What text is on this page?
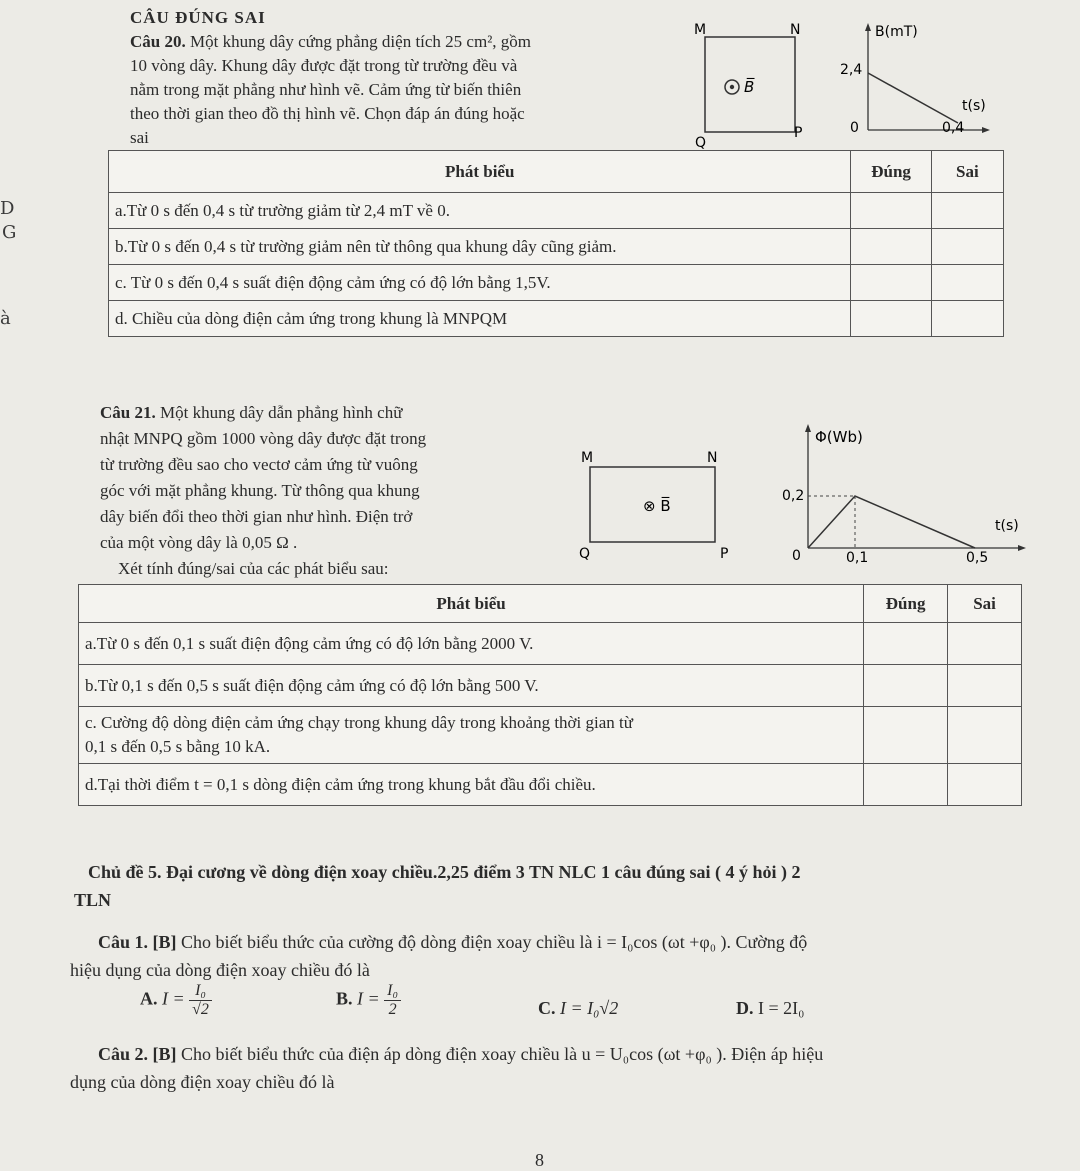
CÂU ĐÚNG SAI
D
G
à
Câu 20. Một khung dây cứng phẳng diện tích 25 cm², gồm
10 vòng dây. Khung dây được đặt trong từ trường đều và
nằm trong mặt phẳng như hình vẽ. Cảm ứng từ biến thiên
theo thời gian theo đồ thị hình vẽ. Chọn đáp án đúng hoặc
sai
M	N
P
Q
B̅
B(mT)
2,4
t(s)
0	0,4
Phát biểu	Đúng	Sai
a.Từ 0 s đến 0,4 s từ trường giảm từ 2,4 mT về 0.		
b.Từ 0 s đến 0,4 s từ trường giảm nên từ thông qua khung dây cũng giảm.		
c. Từ 0 s đến 0,4 s suất điện động cảm ứng có độ lớn bằng 1,5V.		
d. Chiều của dòng điện cảm ứng trong khung là MNPQM		
Câu 21. Một khung dây dẫn phẳng hình chữ
nhật MNPQ gồm 1000 vòng dây được đặt trong
từ trường đều sao cho vectơ cảm ứng từ vuông
góc với mặt phẳng khung. Từ thông qua khung
dây biến đổi theo thời gian như hình. Điện trở
của một vòng dây là 0,05 Ω .
Xét tính đúng/sai của các phát biểu sau:
M	N
P
Q
⊗ B̅
Φ(Wb)
0,2
t(s)
0	0,1	0,5
Phát biểu	Đúng	Sai
a.Từ 0 s đến 0,1 s suất điện động cảm ứng có độ lớn bằng 2000 V.		
b.Từ 0,1 s đến 0,5 s suất điện động cảm ứng có độ lớn bằng 500 V.		

c. Cường độ dòng điện cảm ứng chạy trong khung dây trong khoảng thời gian từ
0,1 s đến 0,5 s bằng 10 kA.		

d.Tại thời điểm t = 0,1 s dòng điện cảm ứng trong khung bắt đầu đổi chiều.		
Chủ đề 5. Đại cương về dòng điện xoay chiều.2,25 điểm 3 TN NLC 1 câu đúng sai ( 4 ý hỏi ) 2
TLN
Câu 1. [B] Cho biết biểu thức của cường độ dòng điện xoay chiều là i = I₀cos (ωt +φ₀ ). Cường độ
hiệu dụng của dòng điện xoay chiều đó là
A. $I = \frac{\text{I₀}}{√2}$	B. $I = \frac{\text{I₀}}{2}$	C. I = I₀√2	D. I = 2I₀
Câu 2. [B] Cho biết biểu thức của điện áp dòng điện xoay chiều là u = U₀cos (ωt +φ₀ ). Điện áp hiệu
dụng của dòng điện xoay chiều đó là
8
